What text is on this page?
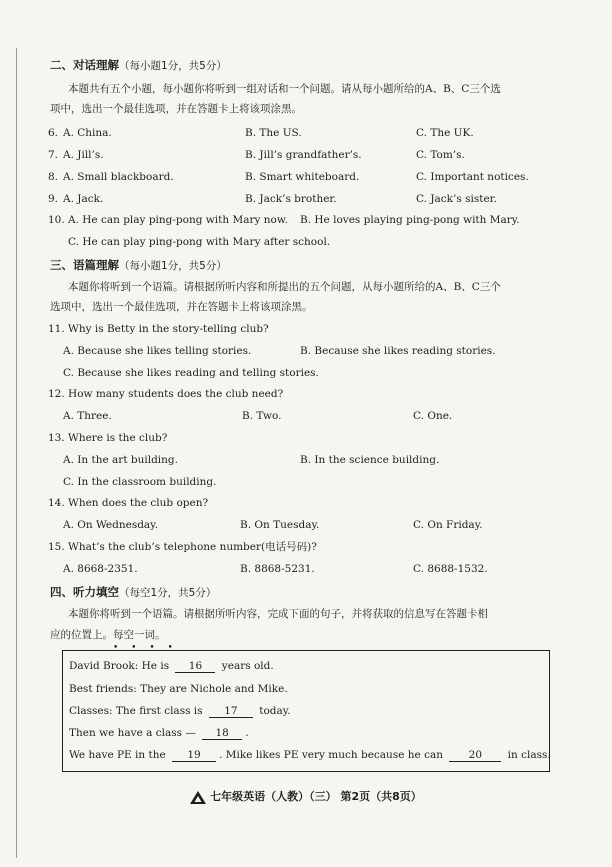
二、对话理解（每小题1分，共5分）
本题共有五个小题，每小题你将听到一组对话和一个问题。请从每小题所给的A、B、C三个选
项中，选出一个最佳选项，并在答题卡上将该项涂黑。
6. A. China.	B. The US.	C. The UK.
7. A. Jill’s.	B. Jill’s grandfather’s.	C. Tom’s.
8. A. Small blackboard.	B. Smart whiteboard.	C. Important notices.
9. A. Jack.	B. Jack’s brother.	C. Jack’s sister.
10. A. He can play ping-pong with Mary now. B. He loves playing ping-pong with Mary.
C. He can play ping-pong with Mary after school.
三、语篇理解（每小题1分，共5分）
本题你将听到一个语篇。请根据所听内容和所提出的五个问题，从每小题所给的A、B、C三个
选项中，选出一个最佳选项，并在答题卡上将该项涂黑。
11. Why is Betty in the story-telling club?
A. Because she likes telling stories.	B. Because she likes reading stories.
C. Because she likes reading and telling stories.
12. How many students does the club need?
A. Three.	B. Two.	C. One.
13. Where is the club?
A. In the art building.	B. In the science building.
C. In the classroom building.
14. When does the club open?
A. On Wednesday.	B. On Tuesday.	C. On Friday.
15. What’s the club’s telephone number(电话号码)?
A. 8668-2351.	B. 8868-5231.	C. 8688-1532.
四、听力填空（每空1分，共5分）
本题你将听到一个语篇。请根据所听内容，完成下面的句子，并将获取的信息写在答题卡相
应的位置上。每空一词。
• • • •
David Brook: He is 16 years old.
Best friends: They are Nichole and Mike.
Classes: The first class is 17 today.
Then we have a class — 18 .
We have PE in the 19 . Mike likes PE very much because he can 20 in class.
七年级英语（人教）（三） 第2页（共8页）
